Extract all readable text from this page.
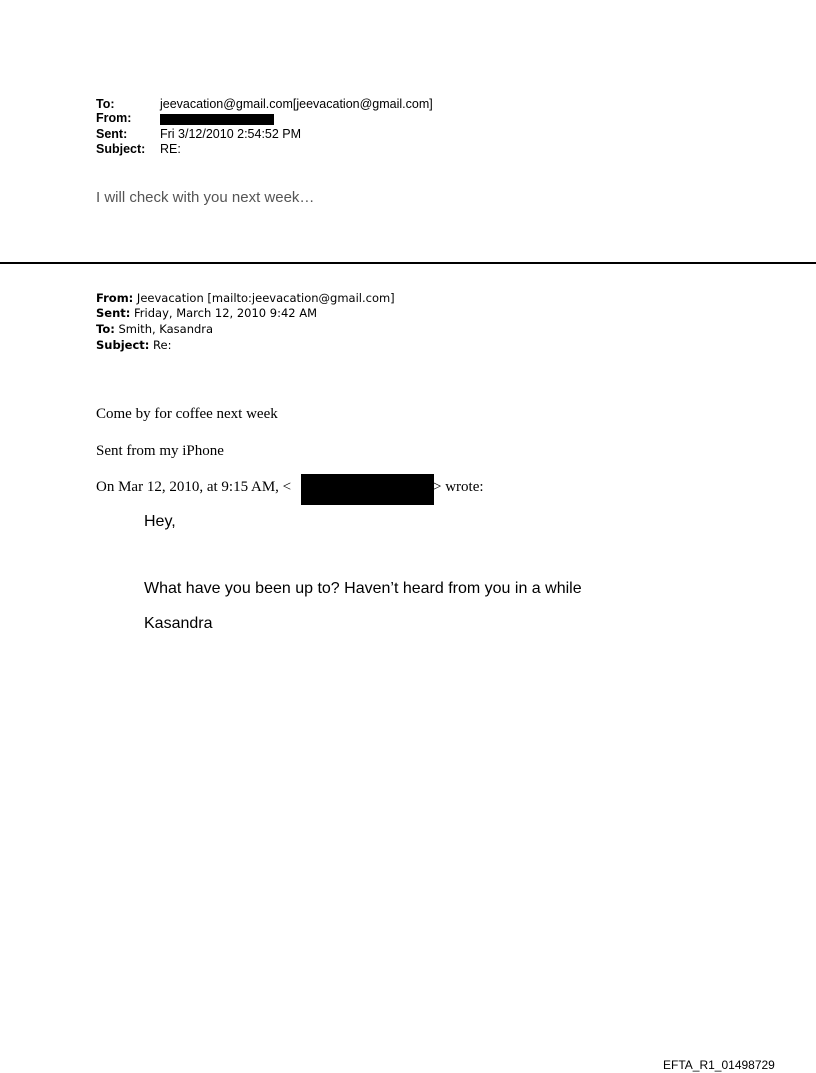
To:	jeevacation@gmail.com[jeevacation@gmail.com]
From:
Sent:	Fri 3/12/2010 2:54:52 PM
Subject: RE:
I will check with you next week…
From: Jeevacation [mailto:jeevacation@gmail.com]
Sent: Friday, March 12, 2010 9:42 AM
To: Smith, Kasandra
Subject: Re:
Come by for coffee next week
Sent from my iPhone
On Mar 12, 2010, at 9:15 AM, <	> wrote:
Hey,
What have you been up to? Haven’t heard from you in a while
Kasandra
EFTA_R1_01498729
